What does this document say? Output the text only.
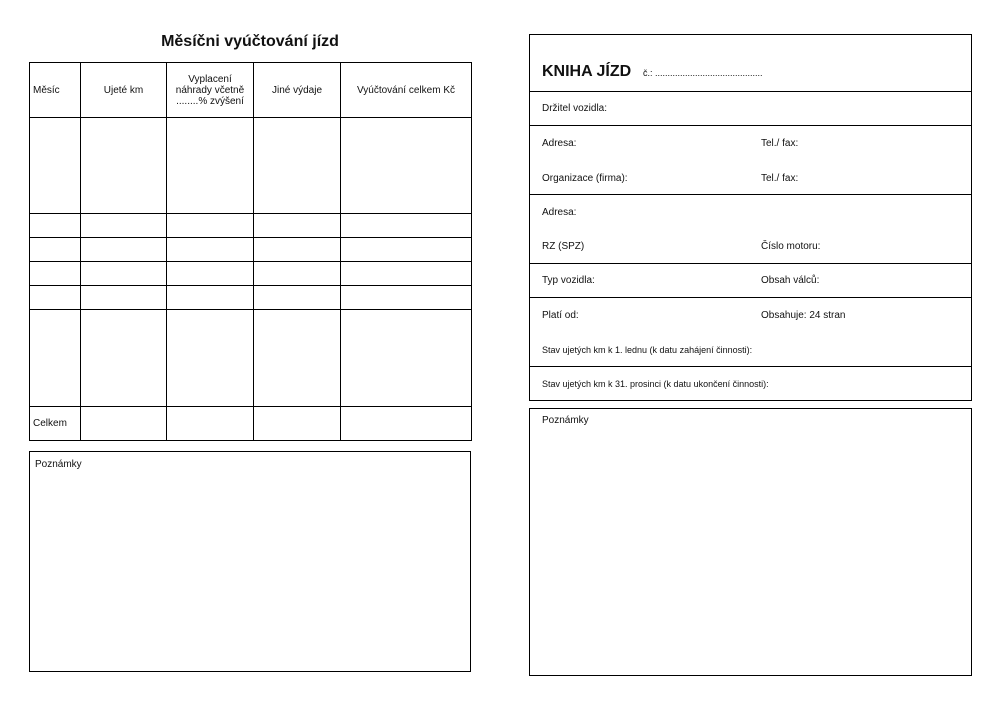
Měsíčni vyúčtování jízd
Měsíc	Ujeté km	Vyplacení náhrady včetně ........% zvýšení	Jiné výdaje	Vyúčtování celkem Kč

Celkem				
Poznámky
KNIHA JÍZD č.: ...........................................
Držitel vozidla:
Adresa:	Tel./ fax:
Organizace (firma):	Tel./ fax:
Adresa:
RZ (SPZ)	Číslo motoru:
Typ vozidla:	Obsah válců:
Platí od:	Obsahuje: 24 stran
Stav ujetých km k 1. lednu (k datu zahájení činnosti):
Stav ujetých km k 31. prosinci (k datu ukončení činnosti):
Poznámky
